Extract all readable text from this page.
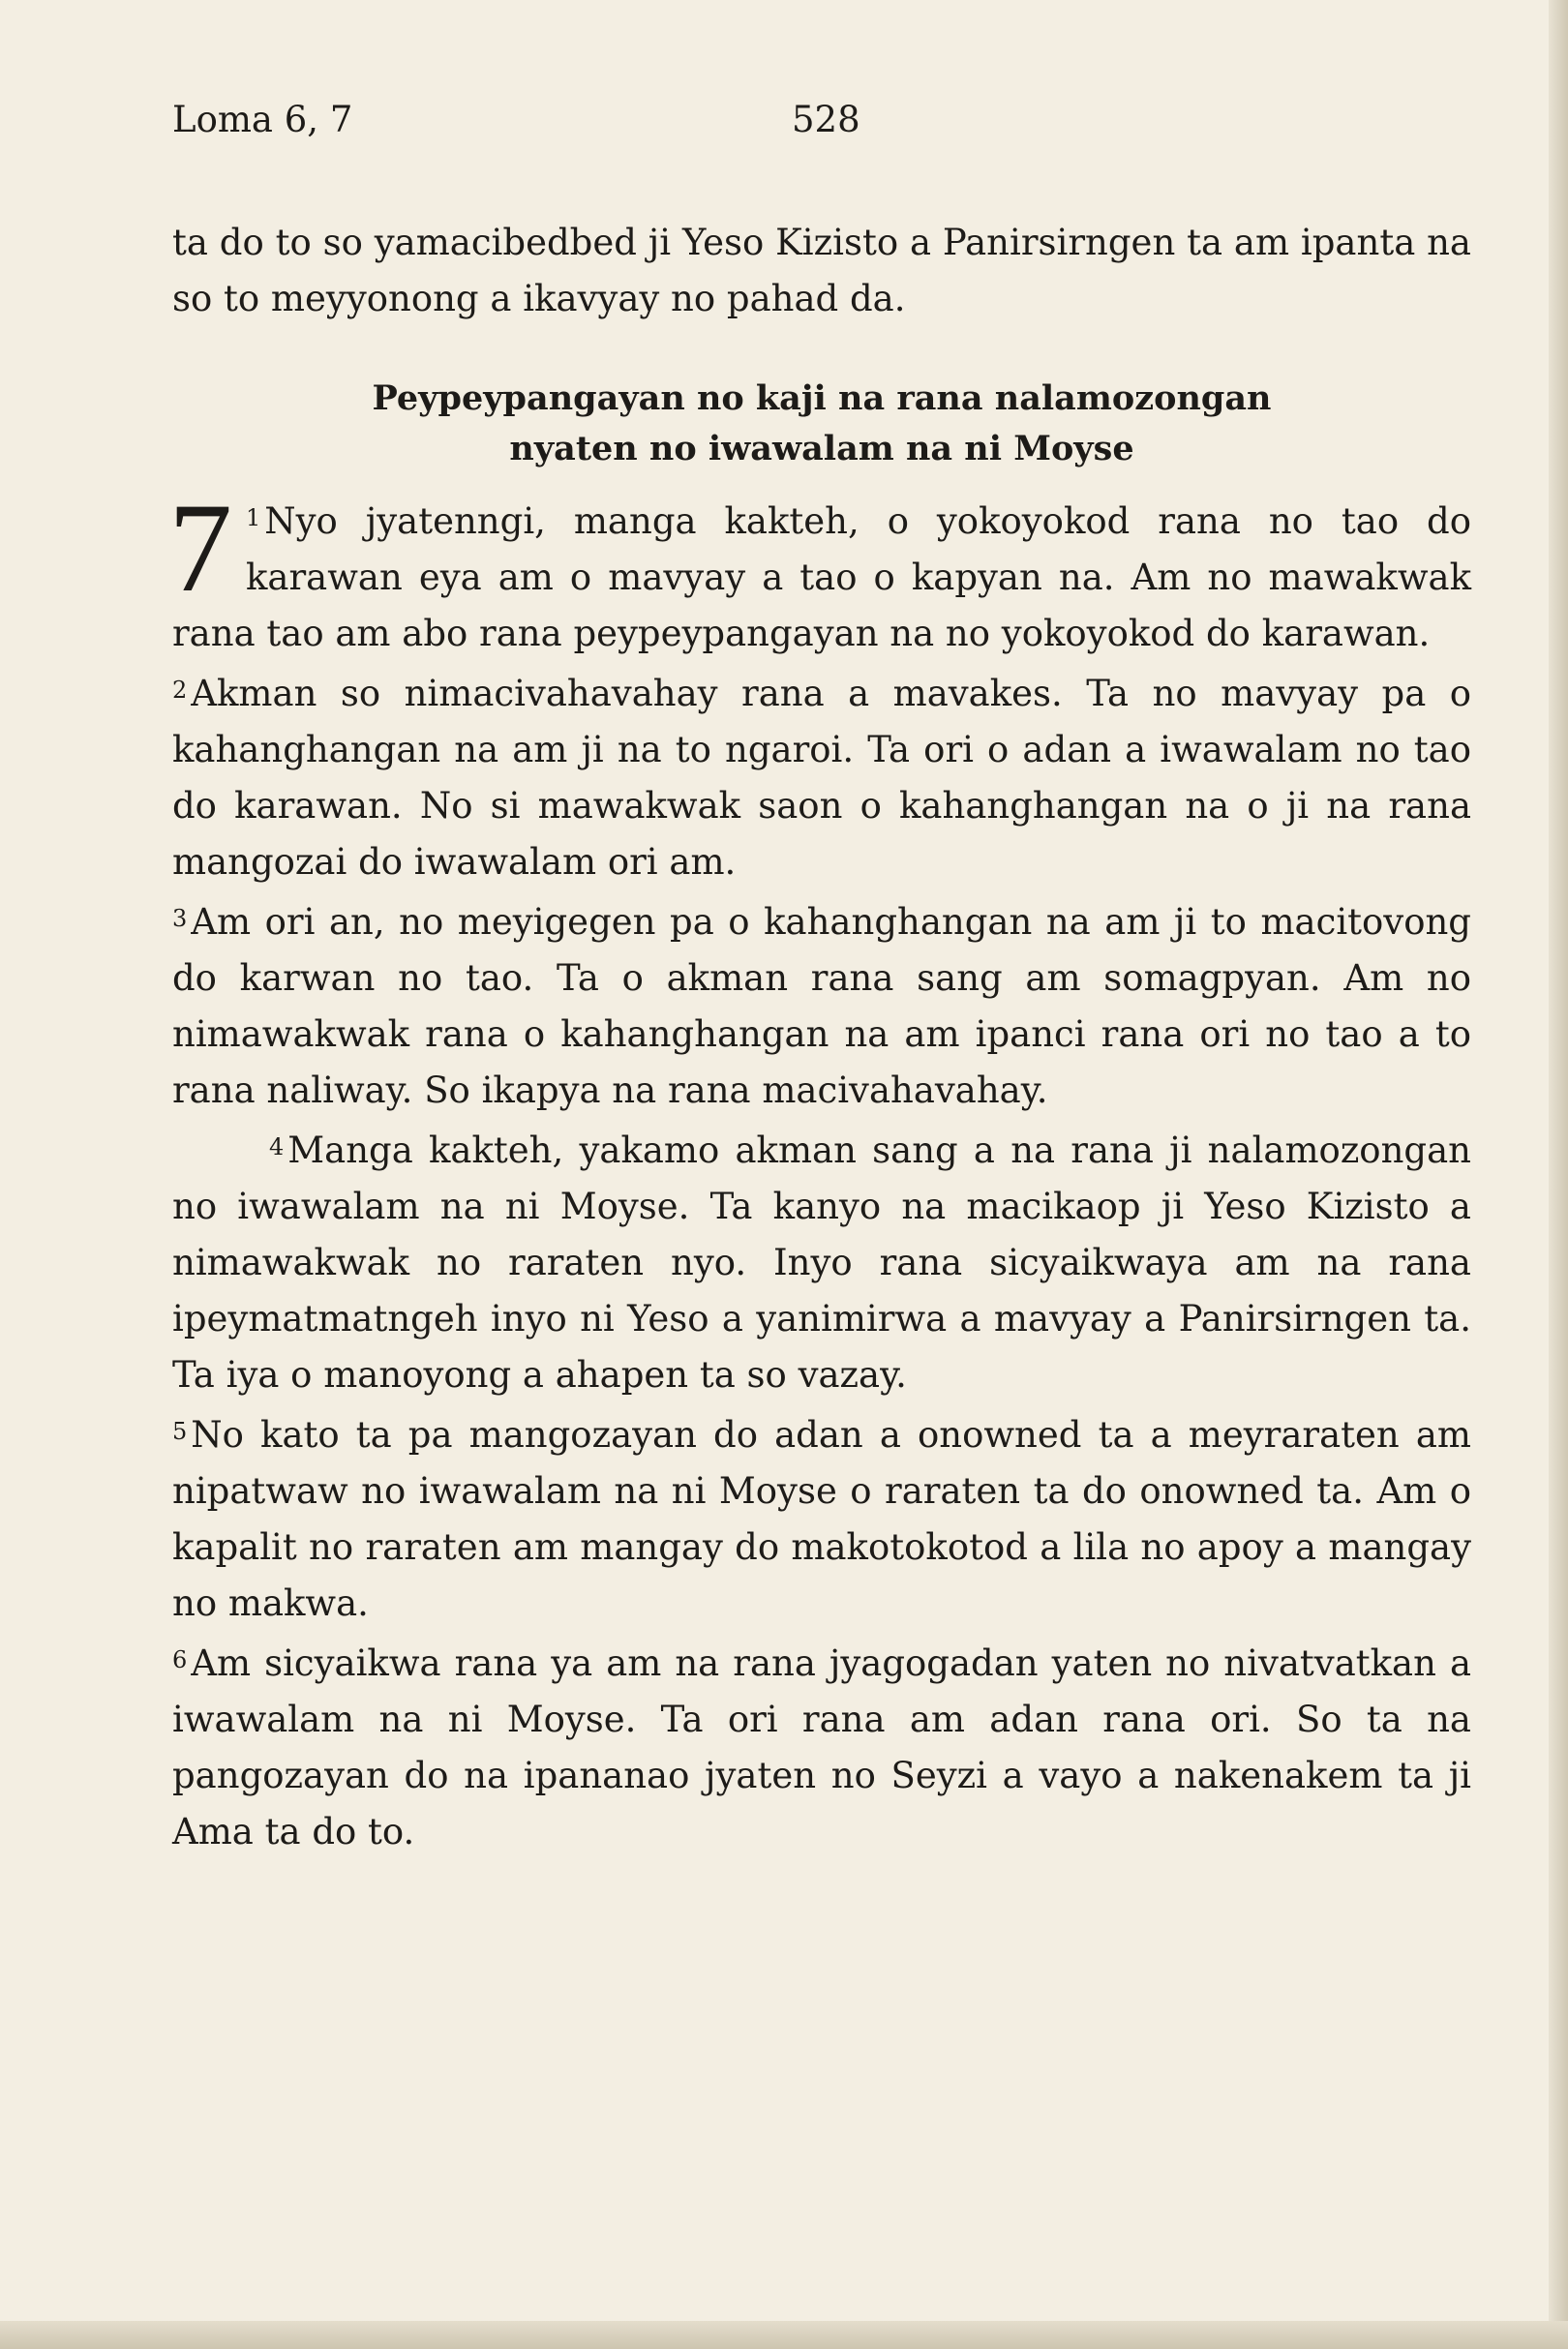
Loma 6, 7	528

ta do to so yamacibedbed ji Yeso Kizisto a Panirsirngen ta am ipanta na so to meyyonong a ikavyay no pahad da.

Peypeypangayan no kaji na rana nalamozongan
nyaten no iwawalam na ni Moyse
7 $^1$ Nyo jyatenngi, manga kakteh, o yokoyokod rana no tao do karawan eya am o mavyay a tao o kapyan na. Am no mawakwak rana tao am abo rana peypeypangayan na no yokoyokod do karawan.

$^2$ Akman so nimacivahavahay rana a mavakes. Ta no mavyay pa o kahanghangan na am ji na to ngaroi. Ta ori o adan a iwawalam no tao do karawan. No si mawakwak saon o kahanghangan na o ji na rana mangozai do iwawalam ori am.

$^3$ Am ori an, no meyigegen pa o kahanghangan na am ji to macitovong do karwan no tao. Ta o akman rana sang am somagpyan. Am no nimawakwak rana o kahanghangan na am ipanci rana ori no tao a to rana naliway. So ikapya na rana macivahavahay.

$^4$ Manga kakteh, yakamo akman sang a na rana ji nalamozongan no iwawalam na ni Moyse. Ta kanyo na macikaop ji Yeso Kizisto a nimawakwak no raraten nyo. Inyo rana sicyaikwaya am na rana ipeymatmatngeh inyo ni Yeso a yanimirwa a mavyay a Panirsirngen ta. Ta iya o manoyong a ahapen ta so vazay.

$^5$ No kato ta pa mangozayan do adan a onowned ta a meyraraten am nipatwaw no iwawalam na ni Moyse o raraten ta do onowned ta. Am o kapalit no raraten am mangay do makotokotod a lila no apoy a mangay no makwa.

$^6$ Am sicyaikwa rana ya am na rana jyagogadan yaten no nivatvatkan a iwawalam na ni Moyse. Ta ori rana am adan rana ori. So ta na pangozayan do na ipananao jyaten no Seyzi a vayo a nakenakem ta ji Ama ta do to.
